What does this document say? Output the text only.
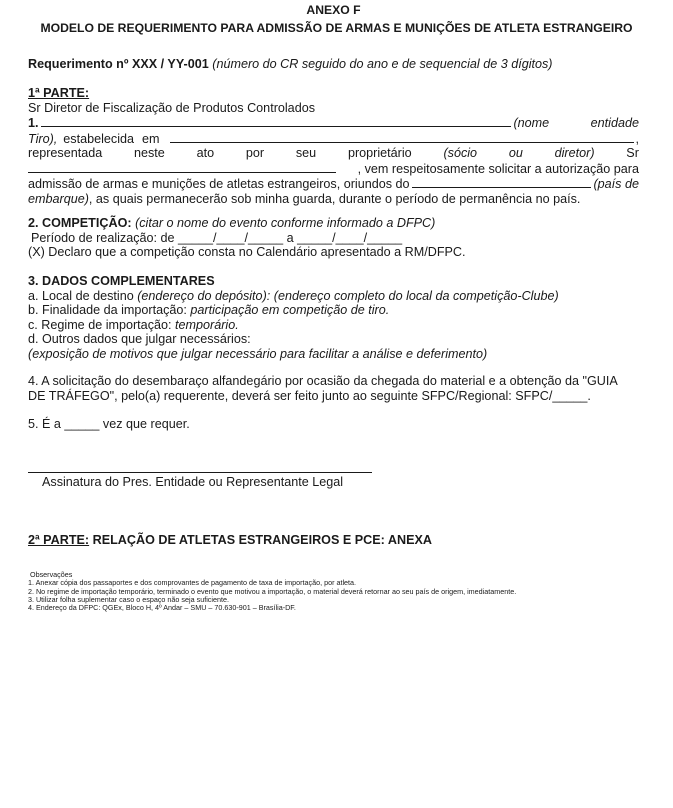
ANEXO F
MODELO DE REQUERIMENTO PARA ADMISSÃO DE ARMAS E MUNIÇÕES DE ATLETA ESTRANGEIRO
Requerimento nº XXX / YY-001 (número do CR seguido do ano e de sequencial de 3 dígitos)
1ª PARTE:
Sr Diretor de Fiscalização de Produtos Controlados
1.	(nome entidade
Tiro), estabelecida em	,
representada	neste	ato	por	seu	proprietário	(sócio	ou	diretor)	Sr
, vem respeitosamente solicitar a autorização para
admissão de armas e munições de atletas estrangeiros, oriundos do	(país de
embarque), as quais permanecerão sob minha guarda, durante o período de permanência no país.
2. COMPETIÇÃO: (citar o nome do evento conforme informado a DFPC)
Período de realização: de _____/____/_____ a _____/____/_____
(X) Declaro que a competição consta no Calendário apresentado a RM/DFPC.
3. DADOS COMPLEMENTARES
a. Local de destino (endereço do depósito): (endereço completo do local da competição-Clube)
b. Finalidade da importação: participação em competição de tiro.
c. Regime de importação: temporário.
d. Outros dados que julgar necessários:
(exposição de motivos que julgar necessário para facilitar a análise e deferimento)
4. A solicitação do desembaraço alfandegário por ocasião da chegada do material e a obtenção da "GUIA
DE TRÁFEGO", pelo(a) requerente, deverá ser feito junto ao seguinte SFPC/Regional: SFPC/_____.
5. É a _____ vez que requer.
Assinatura do Pres. Entidade ou Representante Legal
2ª PARTE: RELAÇÃO DE ATLETAS ESTRANGEIROS E PCE: ANEXA
Observações
1. Anexar cópia dos passaportes e dos comprovantes de pagamento de taxa de importação, por atleta.
2. No regime de importação temporário, terminado o evento que motivou a importação, o material deverá retornar ao seu país de origem, imediatamente.
3. Utilizar folha suplementar caso o espaço não seja suficiente.
4. Endereço da DFPC: QGEx, Bloco H, 4º Andar – SMU – 70.630-901 – Brasília-DF.
